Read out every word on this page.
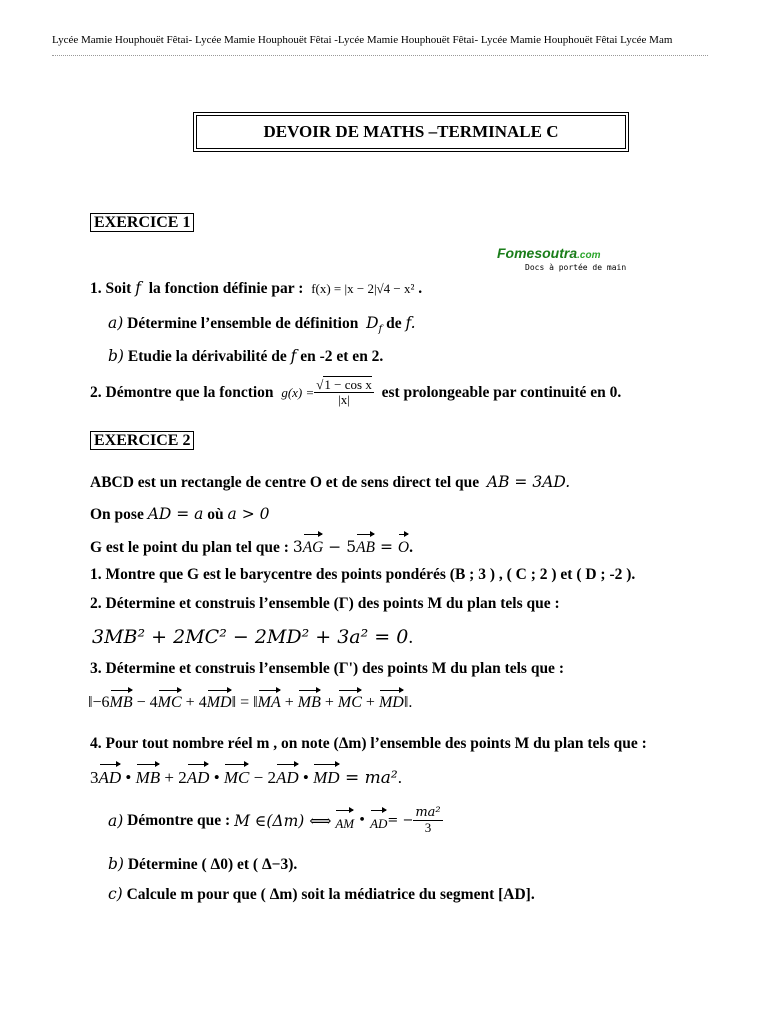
Lycée Mamie Houphouët Fêtai- Lycée Mamie Houphouët Fêtai -Lycée Mamie Houphouët Fêtai- Lycée Mamie Houphouët Fêtai Lycée Mam
DEVOIR DE MATHS –TERMINALE C
EXERCICE 1
Fomesoutra.com
Docs à portée de main
1. Soit f la fonction définie par : f(x) = |x − 2|√4 − x² .
a) Détermine l’ensemble de définition $D_f$ de f.
b) Etudie la dérivabilité de f en -2 et en 2.
2. Démontre que la fonction
$g(x) = \frac{\text{√1 − cos x}}{|x|}$
est prolongeable par continuité en 0.
EXERCICE 2
ABCD est un rectangle de centre O et de sens direct tel que AB = 3AD.
On pose AD = a où a > 0
G est le point du plan tel que : 3AG − 5AB = O.
1. Montre que G est le barycentre des points pondérés (B ; 3 ) , ( C ; 2 ) et ( D ; -2 ).
2. Détermine et construis l’ensemble (Γ) des points M du plan tels que :
3MB² + 2MC² − 2MD² + 3a² = 0.
3. Détermine et construis l’ensemble (Γ') des points M du plan tels que :
‖−6MB − 4MC + 4MD‖ = ‖MA + MB + MC + MD‖.
4. Pour tout nombre réel m , on note (Δm) l’ensemble des points M du plan tels que :
3AD • MB + 2AD • MC − 2AD • MD = ma².
a)
Démontre que :
M ∈(Δm) ⟺
AM • AD = − $\frac{\text{ma²}}{3}$
b) Détermine ( Δ0) et ( Δ−3).
c) Calcule m pour que ( Δm) soit la médiatrice du segment [AD].
